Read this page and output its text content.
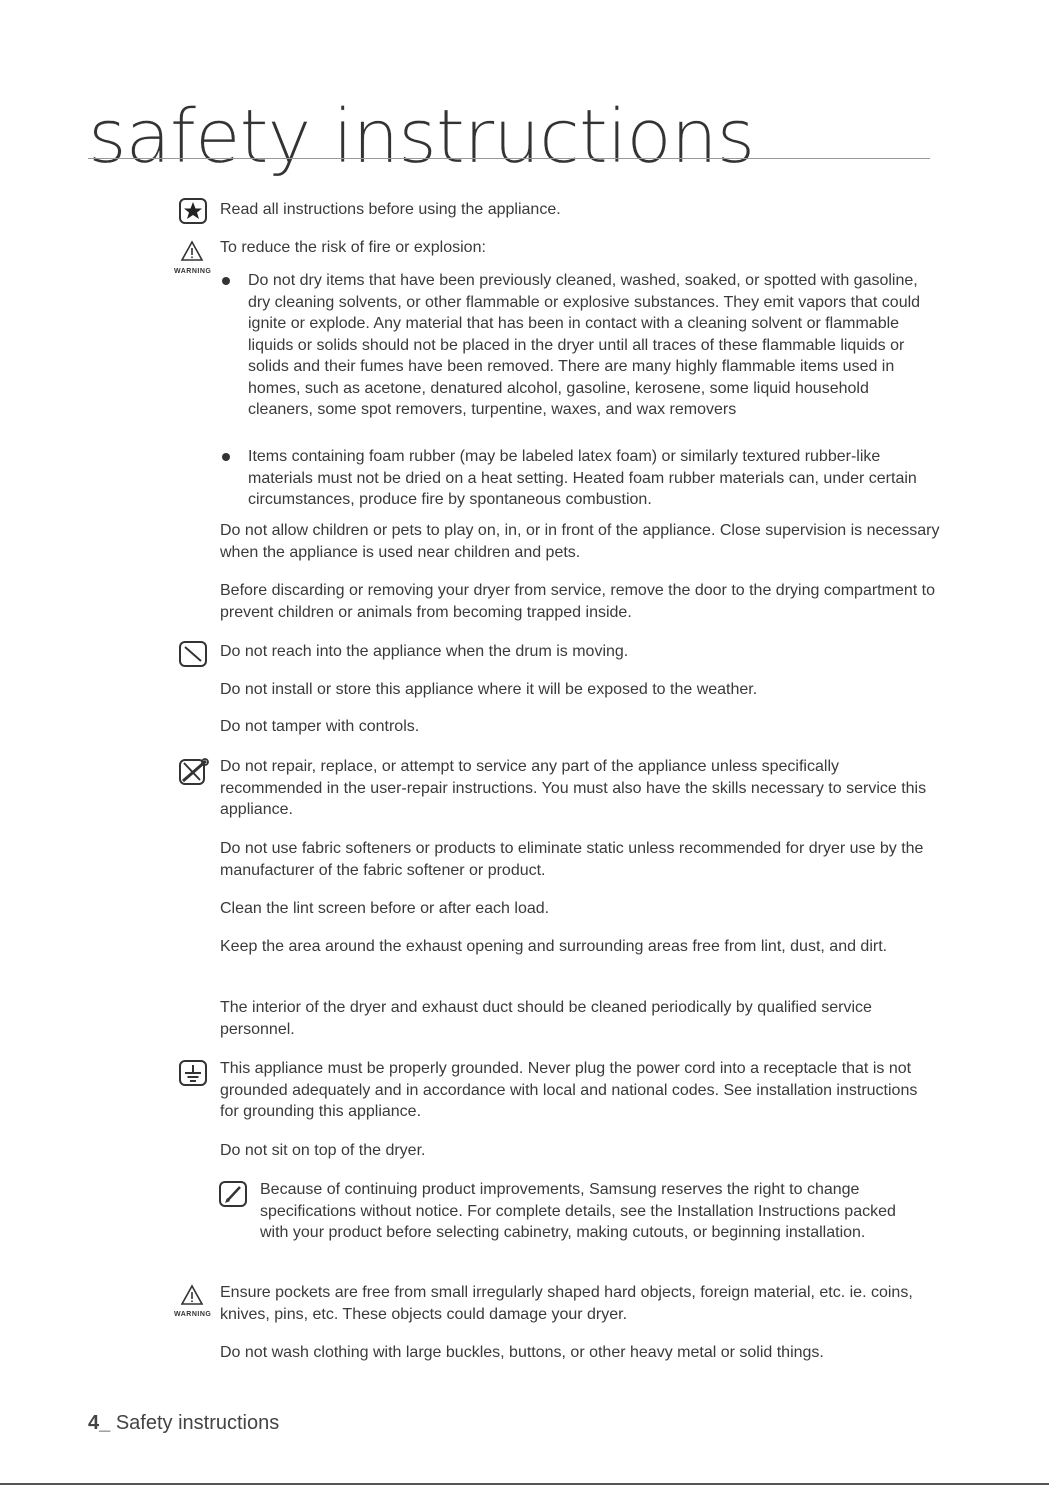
safety instructions
Read all instructions before using the appliance.
WARNING
To reduce the risk of fire or explosion:
Do not dry items that have been previously cleaned, washed, soaked, or spotted with gasoline, dry cleaning solvents, or other flammable or explosive substances. They emit vapors that could ignite or explode. Any material that has been in contact with a cleaning solvent or flammable liquids or solids should not be placed in the dryer until all traces of these flammable liquids or solids and their fumes have been removed. There are many highly flammable items used in homes, such as acetone, denatured alcohol, gasoline, kerosene, some liquid household cleaners, some spot removers, turpentine, waxes, and wax removers
Items containing foam rubber (may be labeled latex foam) or similarly textured rubber-like materials must not be dried on a heat setting. Heated foam rubber materials can, under certain circumstances, produce fire by spontaneous combustion.
Do not allow children or pets to play on, in, or in front of the appliance. Close supervision is necessary when the appliance is used near children and pets.
Before discarding or removing your dryer from service, remove the door to the drying compartment to prevent children or animals from becoming trapped inside.
Do not reach into the appliance when the drum is moving.
Do not install or store this appliance where it will be exposed to the weather.
Do not tamper with controls.
Do not repair, replace, or attempt to service any part of the appliance unless specifically recommended in the user-repair instructions. You must also have the skills necessary to service this appliance.
Do not use fabric softeners or products to eliminate static unless recommended for dryer use by the manufacturer of the fabric softener or product.
Clean the lint screen before or after each load.
Keep the area around the exhaust opening and surrounding areas free from lint, dust, and dirt.
The interior of the dryer and exhaust duct should be cleaned periodically by qualified service personnel.
This appliance must be properly grounded. Never plug the power cord into a receptacle that is not grounded adequately and in accordance with local and national codes. See installation instructions for grounding this appliance.
Do not sit on top of the dryer.
Because of continuing product improvements, Samsung reserves the right to change specifications without notice. For complete details, see the Installation Instructions packed with your product before selecting cabinetry, making cutouts, or beginning installation.
WARNING
Ensure pockets are free from small irregularly shaped hard objects, foreign material, etc. ie. coins, knives, pins, etc. These objects could damage your dryer.
Do not wash clothing with large buckles, buttons, or other heavy metal or solid things.
4_ Safety instructions
